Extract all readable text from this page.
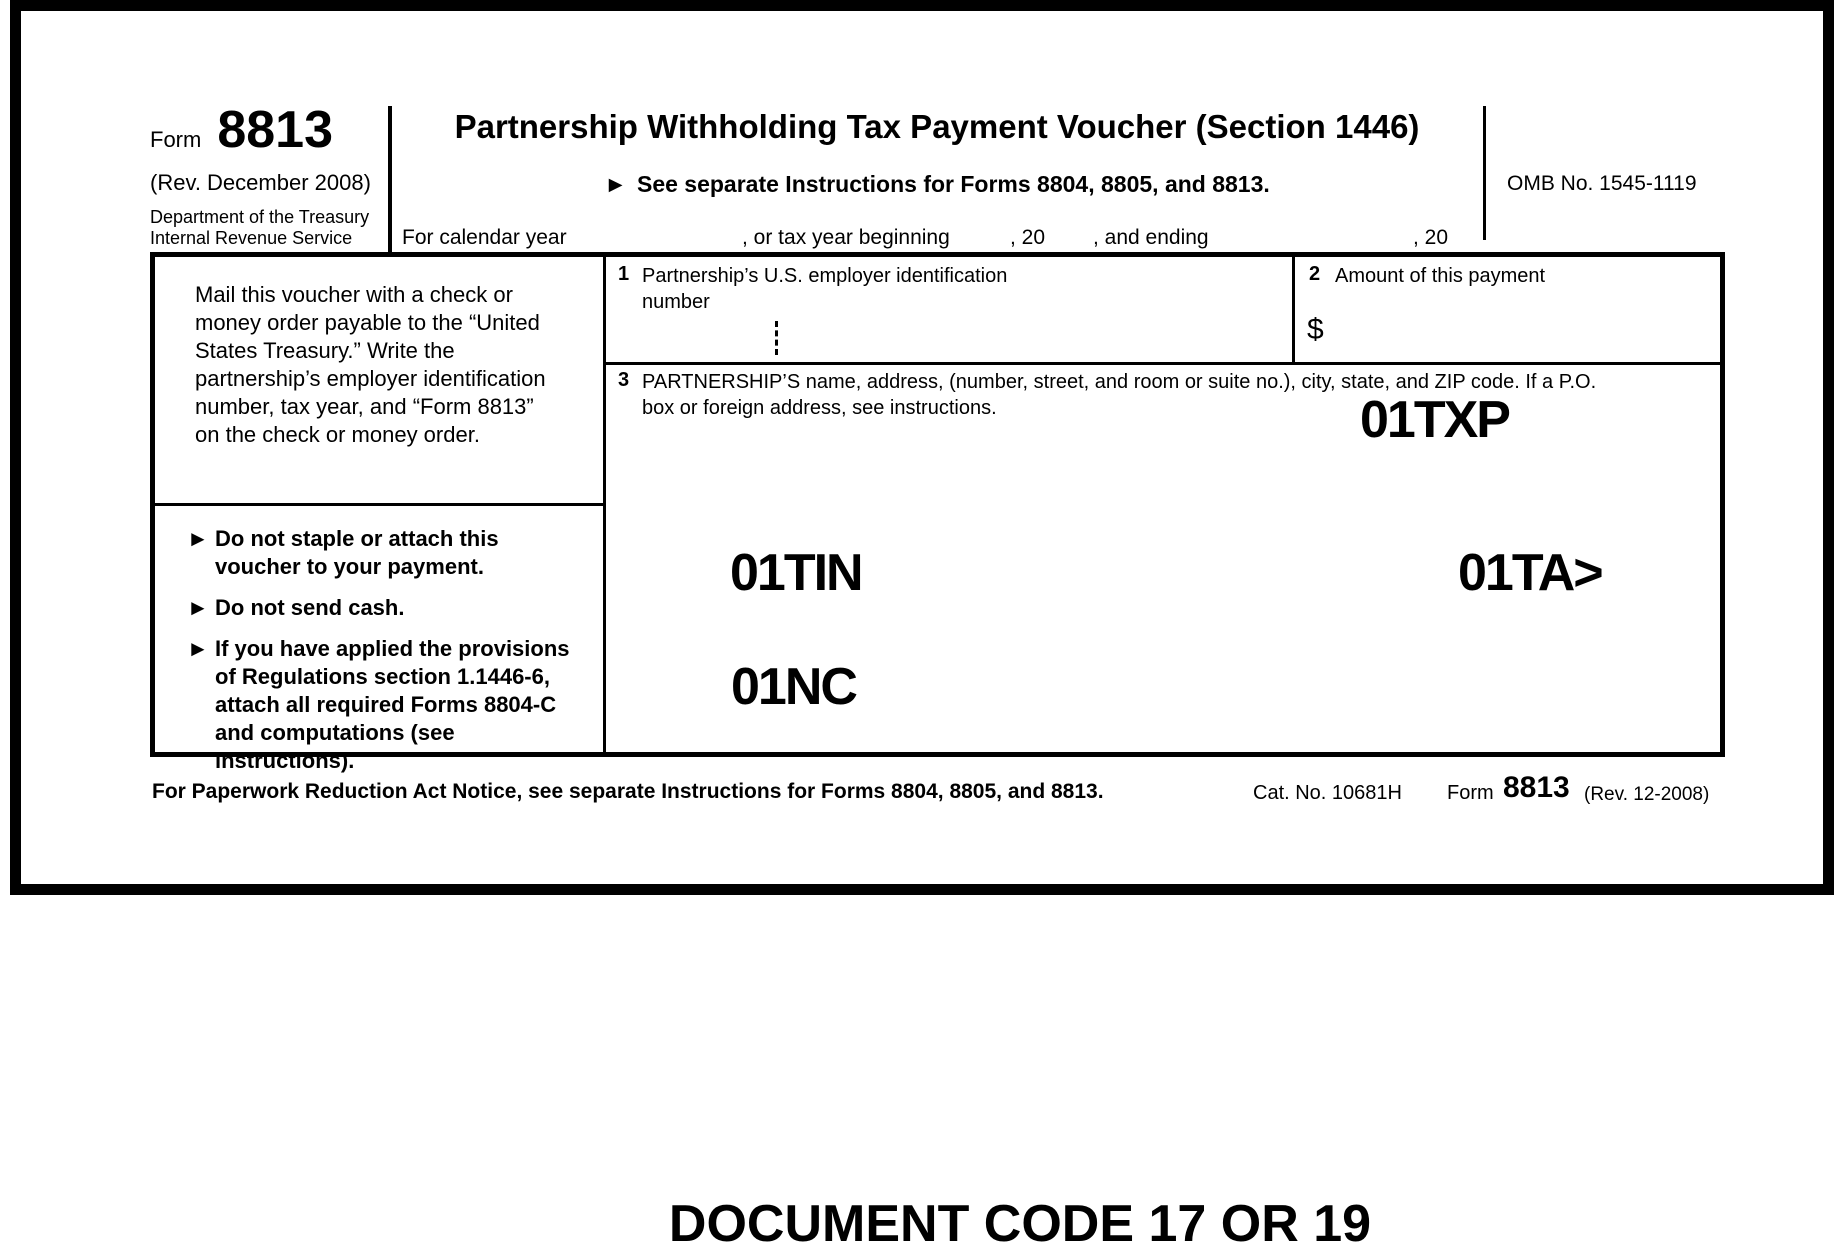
Form 8813
(Rev. December 2008)
Department of the Treasury
Internal Revenue Service
Partnership Withholding Tax Payment Voucher (Section 1446)
► See separate Instructions for Forms 8804, 8805, and 8813.	OMB No. 1545-1119
For calendar year	, or tax year beginning	, 20 , and ending	, 20
Mail this voucher with a check or money order payable to the “United States Treasury.” Write the partnership’s employer identification number, tax year, and “Form 8813” on the check or money order.

► Do not staple or attach this voucher to your payment.

► Do not send cash.

► If you have applied the provisions of Regulations section 1.1446-6, attach all required Forms 8804-C and computations (see instructions).

1 Partnership’s U.S. employer identification
number
2 Amount of this payment
$
3 PARTNERSHIP’S name, address, (number, street, and room or suite no.), city, state, and ZIP code. If a P.O.
box or foreign address, see instructions.	01TXP
01TIN	01TA>
01NC
For Paperwork Reduction Act Notice, see separate Instructions for Forms 8804, 8805, and 8813.	Cat. No. 10681H Form 8813 (Rev. 12-2008)
DOCUMENT CODE 17 OR 19
